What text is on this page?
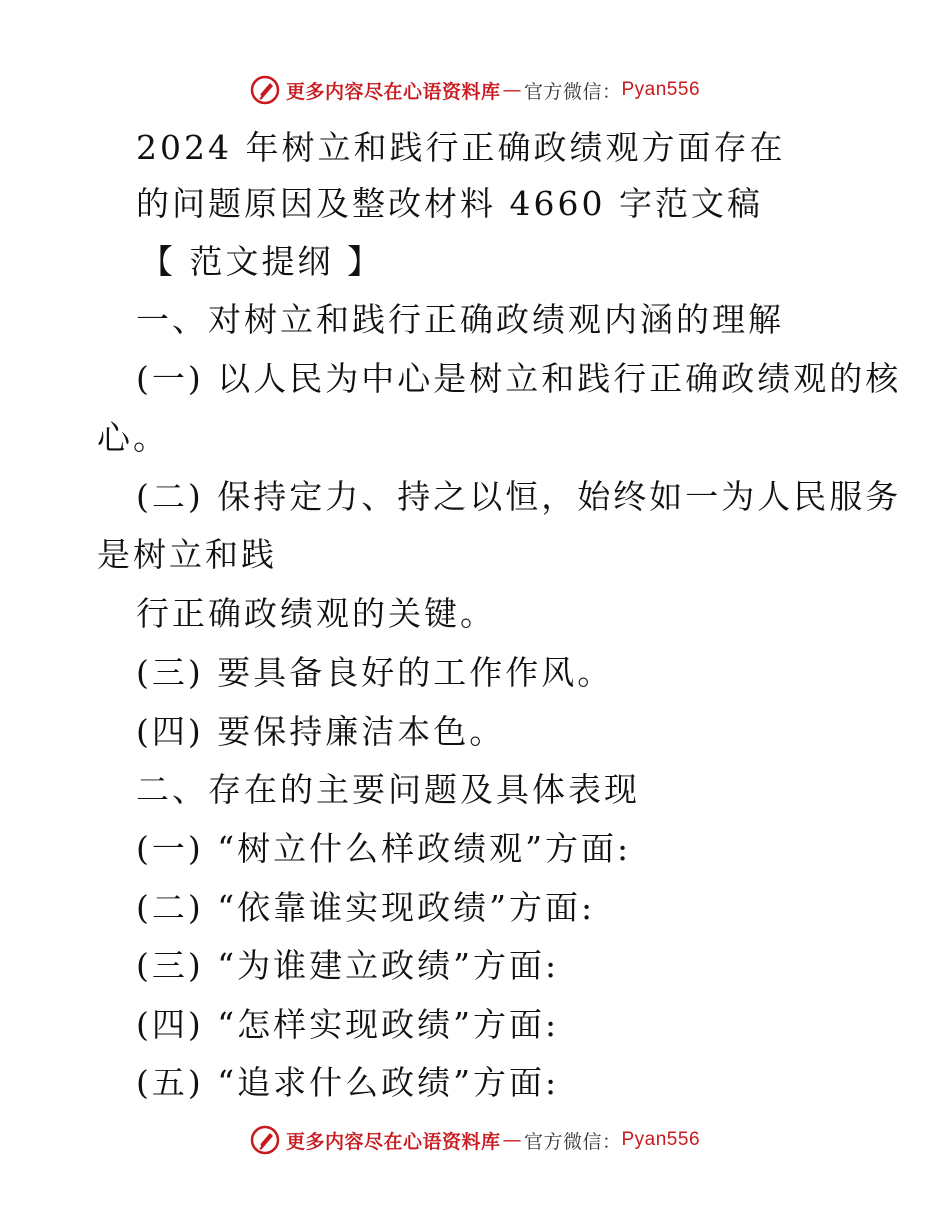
更多内容尽在心语资料库 — 官方微信： Pyan556
2024 年树立和践行正确政绩观方面存在
的问题原因及整改材料 4660 字范文稿
【 范文提纲 】
一、对树立和践行正确政绩观内涵的理解
(一) 以人民为中心是树立和践行正确政绩观的核
心。
(二) 保持定力、持之以恒，始终如一为人民服务
是树立和践
行正确政绩观的关键。
(三) 要具备良好的工作作风。
(四) 要保持廉洁本色。
二、存在的主要问题及具体表现
(一) “树立什么样政绩观”方面:
(二) “依靠谁实现政绩”方面:
(三) “为谁建立政绩”方面:
(四) “怎样实现政绩”方面:
(五) “追求什么政绩”方面:
更多内容尽在心语资料库 — 官方微信： Pyan556
